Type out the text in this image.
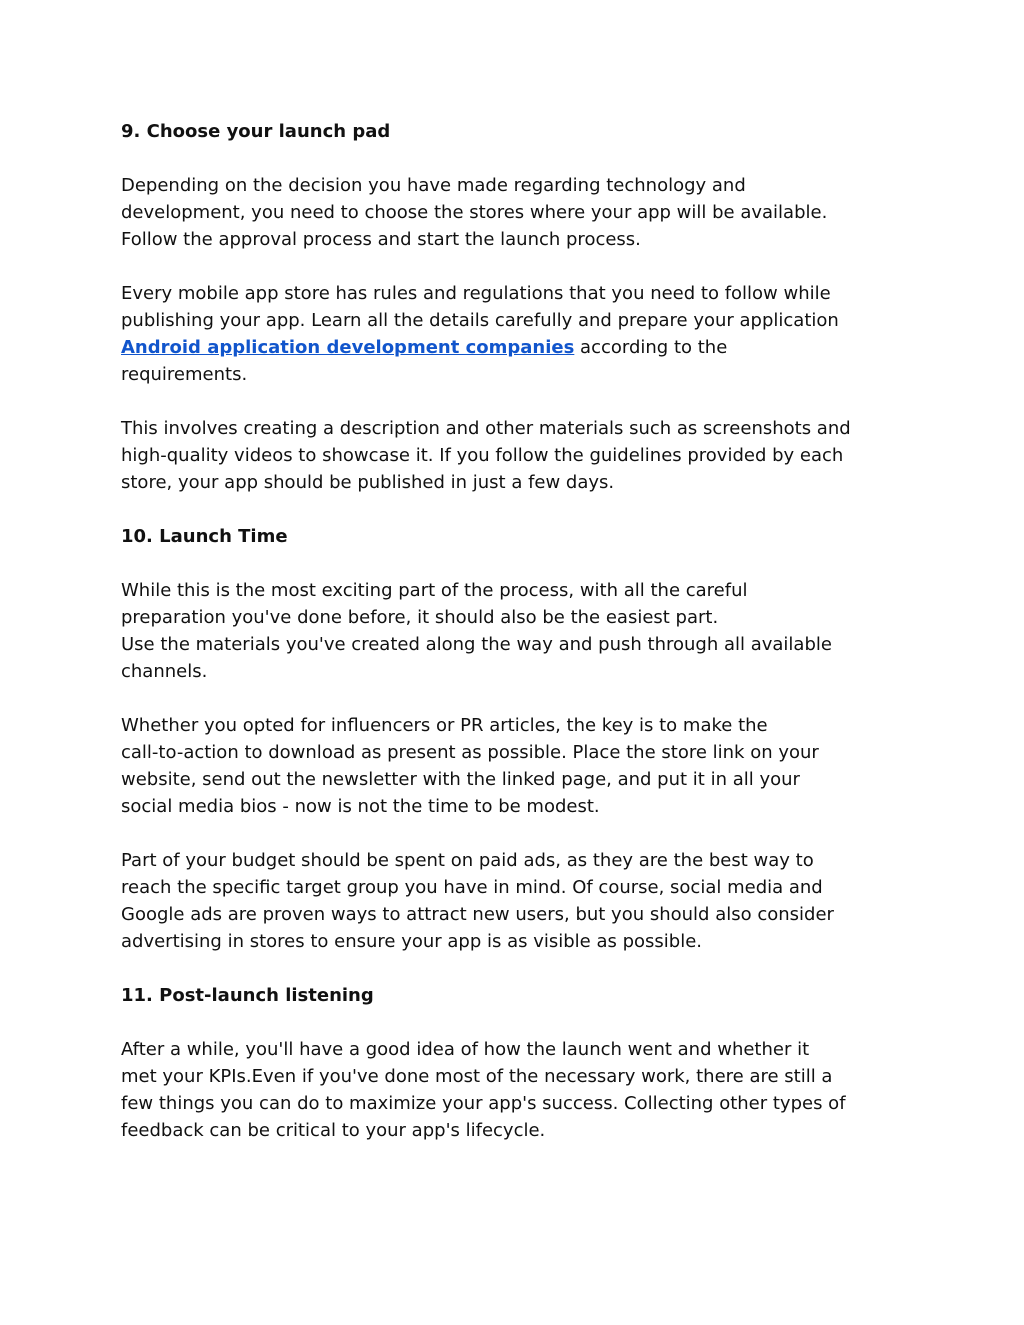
9. Choose your launch pad
Depending on the decision you have made regarding technology and
development, you need to choose the stores where your app will be available.
Follow the approval process and start the launch process.
Every mobile app store has rules and regulations that you need to follow while
publishing your app. Learn all the details carefully and prepare your application
Android application development companies according to the
requirements.
This involves creating a description and other materials such as screenshots and
high-quality videos to showcase it. If you follow the guidelines provided by each
store, your app should be published in just a few days.
10. Launch Time
While this is the most exciting part of the process, with all the careful
preparation you've done before, it should also be the easiest part.
Use the materials you've created along the way and push through all available
channels.
Whether you opted for influencers or PR articles, the key is to make the
call-to-action to download as present as possible. Place the store link on your
website, send out the newsletter with the linked page, and put it in all your
social media bios - now is not the time to be modest.
Part of your budget should be spent on paid ads, as they are the best way to
reach the specific target group you have in mind. Of course, social media and
Google ads are proven ways to attract new users, but you should also consider
advertising in stores to ensure your app is as visible as possible.
11. Post-launch listening
After a while, you'll have a good idea of how the launch went and whether it
met your KPIs.Even if you've done most of the necessary work, there are still a
few things you can do to maximize your app's success. Collecting other types of
feedback can be critical to your app's lifecycle.
